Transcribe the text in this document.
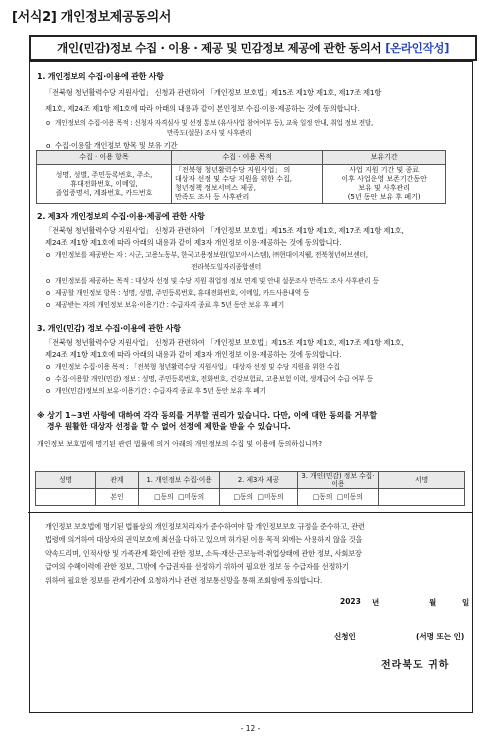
[서식2] 개인정보제공동의서
개인(민감)정보 수집 · 이용 · 제공 및 민감정보 제공에 관한 동의서 [온라인작성]
1. 개인정보의 수집·이용에 관한 사항
「전북형 청년활력수당 지원사업」 신청과 관련하여 「개인정보 보호법」제15조 제1항 제1호, 제17조 제1항
제1호, 제24조 제1항 제1호에 따라 아래의 내용과 같이 본인정보 수집·이용·제공하는 것에 동의합니다.
o 개인정보의 수집·이용 목적 : 신청자 자격심사 및 선정 통보 (유사사업 참여여부 등), 교육 일정 안내, 취업 정보 전달,
만족도(설문) 조사 및 사후관리
o 수집·이용할 개인정보 항목 및 보유 기간
수집 · 이용 항목	수집 · 이용 목적	보유기간
성명, 성별, 주민등록번호, 주소,
휴대전화번호, 이메일,
졸업증명서, 계좌번호, 카드번호	「전북형 청년활력수당 지원사업」 의
대상자 선정 및 수당 지원을 위한 수집,
청년정책 정보서비스 제공,
만족도 조사 등 사후관리	사업 지원 기간 및 종료
이후 사업운영 보존기간동안
보유 및 사후관리
(5년 동안 보유 후 폐기)
2. 제3자 개인정보의 수집·이용·제공에 관한 사항
「전북형 청년활력수당 지원사업」 신청과 관련하여 「개인정보 보호법」제15조 제1항 제1호, 제17조 제1항 제1호,
제24조 제1항 제1호에 따라 아래의 내용과 같이 제3자 개인정보 이용·제공하는 것에 동의합니다.
o 개인정보를 제공받는 자 : 시군, 고용노동부, 한국고용정보원(일모아시스템), ㈜현대이지웰, 전북청년허브센터,
전라북도일자리종합센터
o 개인정보를 제공하는 목적 : 대상자 선정 및 수당 지원 취업정 정보 연계 및 안내 설문조사 만족도 조사 사후관리 등
o 제공할 개인정보 항목 : 성명, 성별, 주민등록번호, 휴대전화번호, 이메일, 카드사용내역 등
o 제공받는 자의 개인정보 보유·이용기간 : 수급자격 종료 후 5년 동안 보유 후 폐기
3. 개인(민감) 정보 수집·이용에 관한 사항
「전북형 청년활력수당 지원사업」 신청과 관련하여 「개인정보 보호법」제15조 제1항 제1호, 제17조 제1항 제1호,
제24조 제1항 제1호에 따라 아래의 내용과 같이 제3자 개인정보 이용·제공하는 것에 동의합니다.
o 개인정보 수집·이용 목적 : 「전북형 청년활력수당 지원사업」 대상자 선정 및 수당 지원을 위한 수집
o 수집·이용할 개인(민감) 정보 : 성명, 주민등록번호, 전화번호, 건강보험료, 고용보험 이력, 생계급여 수급 여부 등
o 개인(민감)정보의 보유·이용기간 : 수급자격 종료 후 5년 동안 보유 후 폐기
※ 상기 1~3번 사항에 대하여 각각 동의를 거부할 권리가 있습니다. 다만, 이에 대한 동의를 거부할
경우 원활한 대상자 선정을 할 수 없어 선정에 제한을 받을 수 있습니다.
개인정보 보호법에 명기된 관련 법률에 의거 아래의 개인정보의 수집 및 이용에 동의하십니까?
성명	관계	1. 개인정보 수집·이용	2. 제3자 제공	3. 개인(민감) 정보 수집·이용	서명
	본인	□동의 □미동의	□동의 □미동의	□동의 □미동의	
개인정보 보호법에 명기된 법률상의 개인정보처리자가 준수하여야 할 개인정보보호 규정을 준수하고, 관련
법령에 의거하여 대상자의 권익보호에 최선을 다하고 있으며 허가된 이용 목적 외에는 사용하지 않을 것을
약속드리며, 인적사항 및 가족관계 확인에 관한 정보, 소득·재산·근로능력·취업상태에 관한 정보, 사회보장
급여의 수혜이력에 관한 정보, 그밖에 수급권자를 선정하기 위하여 필요한 정보 등 수급자를 선정하기
위하여 필요한 정보를 관계기관에 요청하거나 관련 정보통신망을 통해 조회함에 동의합니다.
2023 년	월	일
신청인	(서명 또는 인)
전라북도 귀하
- 12 -
